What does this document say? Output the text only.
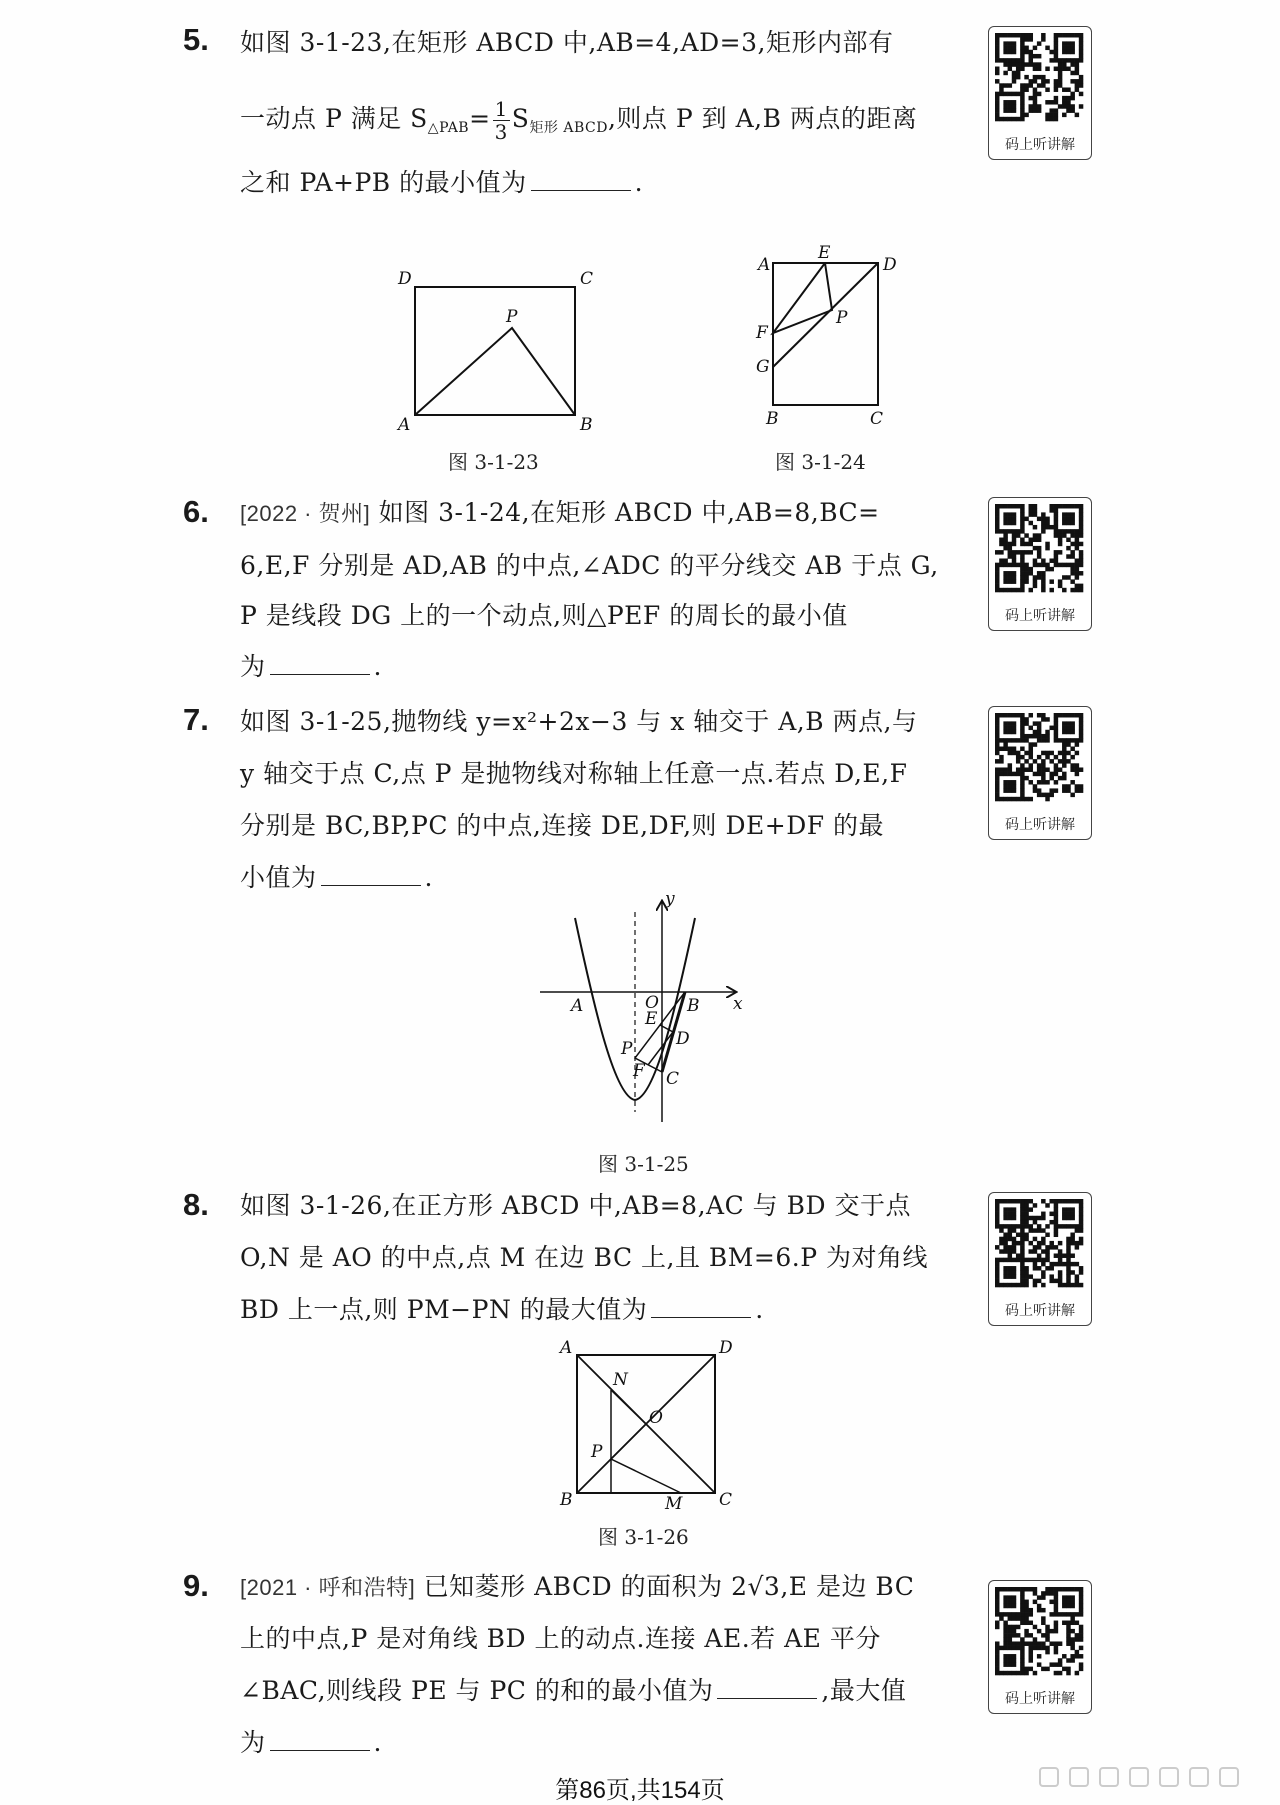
5. 如图 3-1-23,在矩形 ABCD 中,AB=4,AD=3,矩形内部有
一动点 P 满足 $S_{\triangle PAB}= \frac{1}{3} S_{矩形 ABCD}$,则点 P 到 A,B 两点的距离
之和 PA+PB 的最小值为	.
码上听讲解
D	C
P
A	B
图 3-1-23
A	D
E
P
F
G
B	C
图 3-1-24
6. [2022 · 贺州] 如图 3-1-24,在矩形 ABCD 中,AB=8,BC=
6,E,F 分别是 AD,AB 的中点,∠ADC 的平分线交 AB 于点 G,
P 是线段 DG 上的一个动点,则△PEF 的周长的最小值
为	.
码上听讲解
7. 如图 3-1-25,抛物线 y=x²+2x−3 与 x 轴交于 A,B 两点,与
y 轴交于点 C,点 P 是抛物线对称轴上任意一点.若点 D,E,F
分别是 BC,BP,PC 的中点,连接 DE,DF,则 DE+DF 的最
小值为	.
码上听讲解
y
x
A	O B
E
D
P
F C
图 3-1-25
8. 如图 3-1-26,在正方形 ABCD 中,AB=8,AC 与 BD 交于点
O,N 是 AO 的中点,点 M 在边 BC 上,且 BM=6.P 为对角线
BD 上一点,则 PM−PN 的最大值为	.	码上听讲解
A	D
N
O
P
B	M C
图 3-1-26
9. [2021 · 呼和浩特] 已知菱形 ABCD 的面积为 2√3,E 是边 BC
上的中点,P 是对角线 BD 上的动点.连接 AE.若 AE 平分
∠BAC,则线段 PE 与 PC 的和的最小值为	,最大值
为	.
码上听讲解
第86页,共154页
